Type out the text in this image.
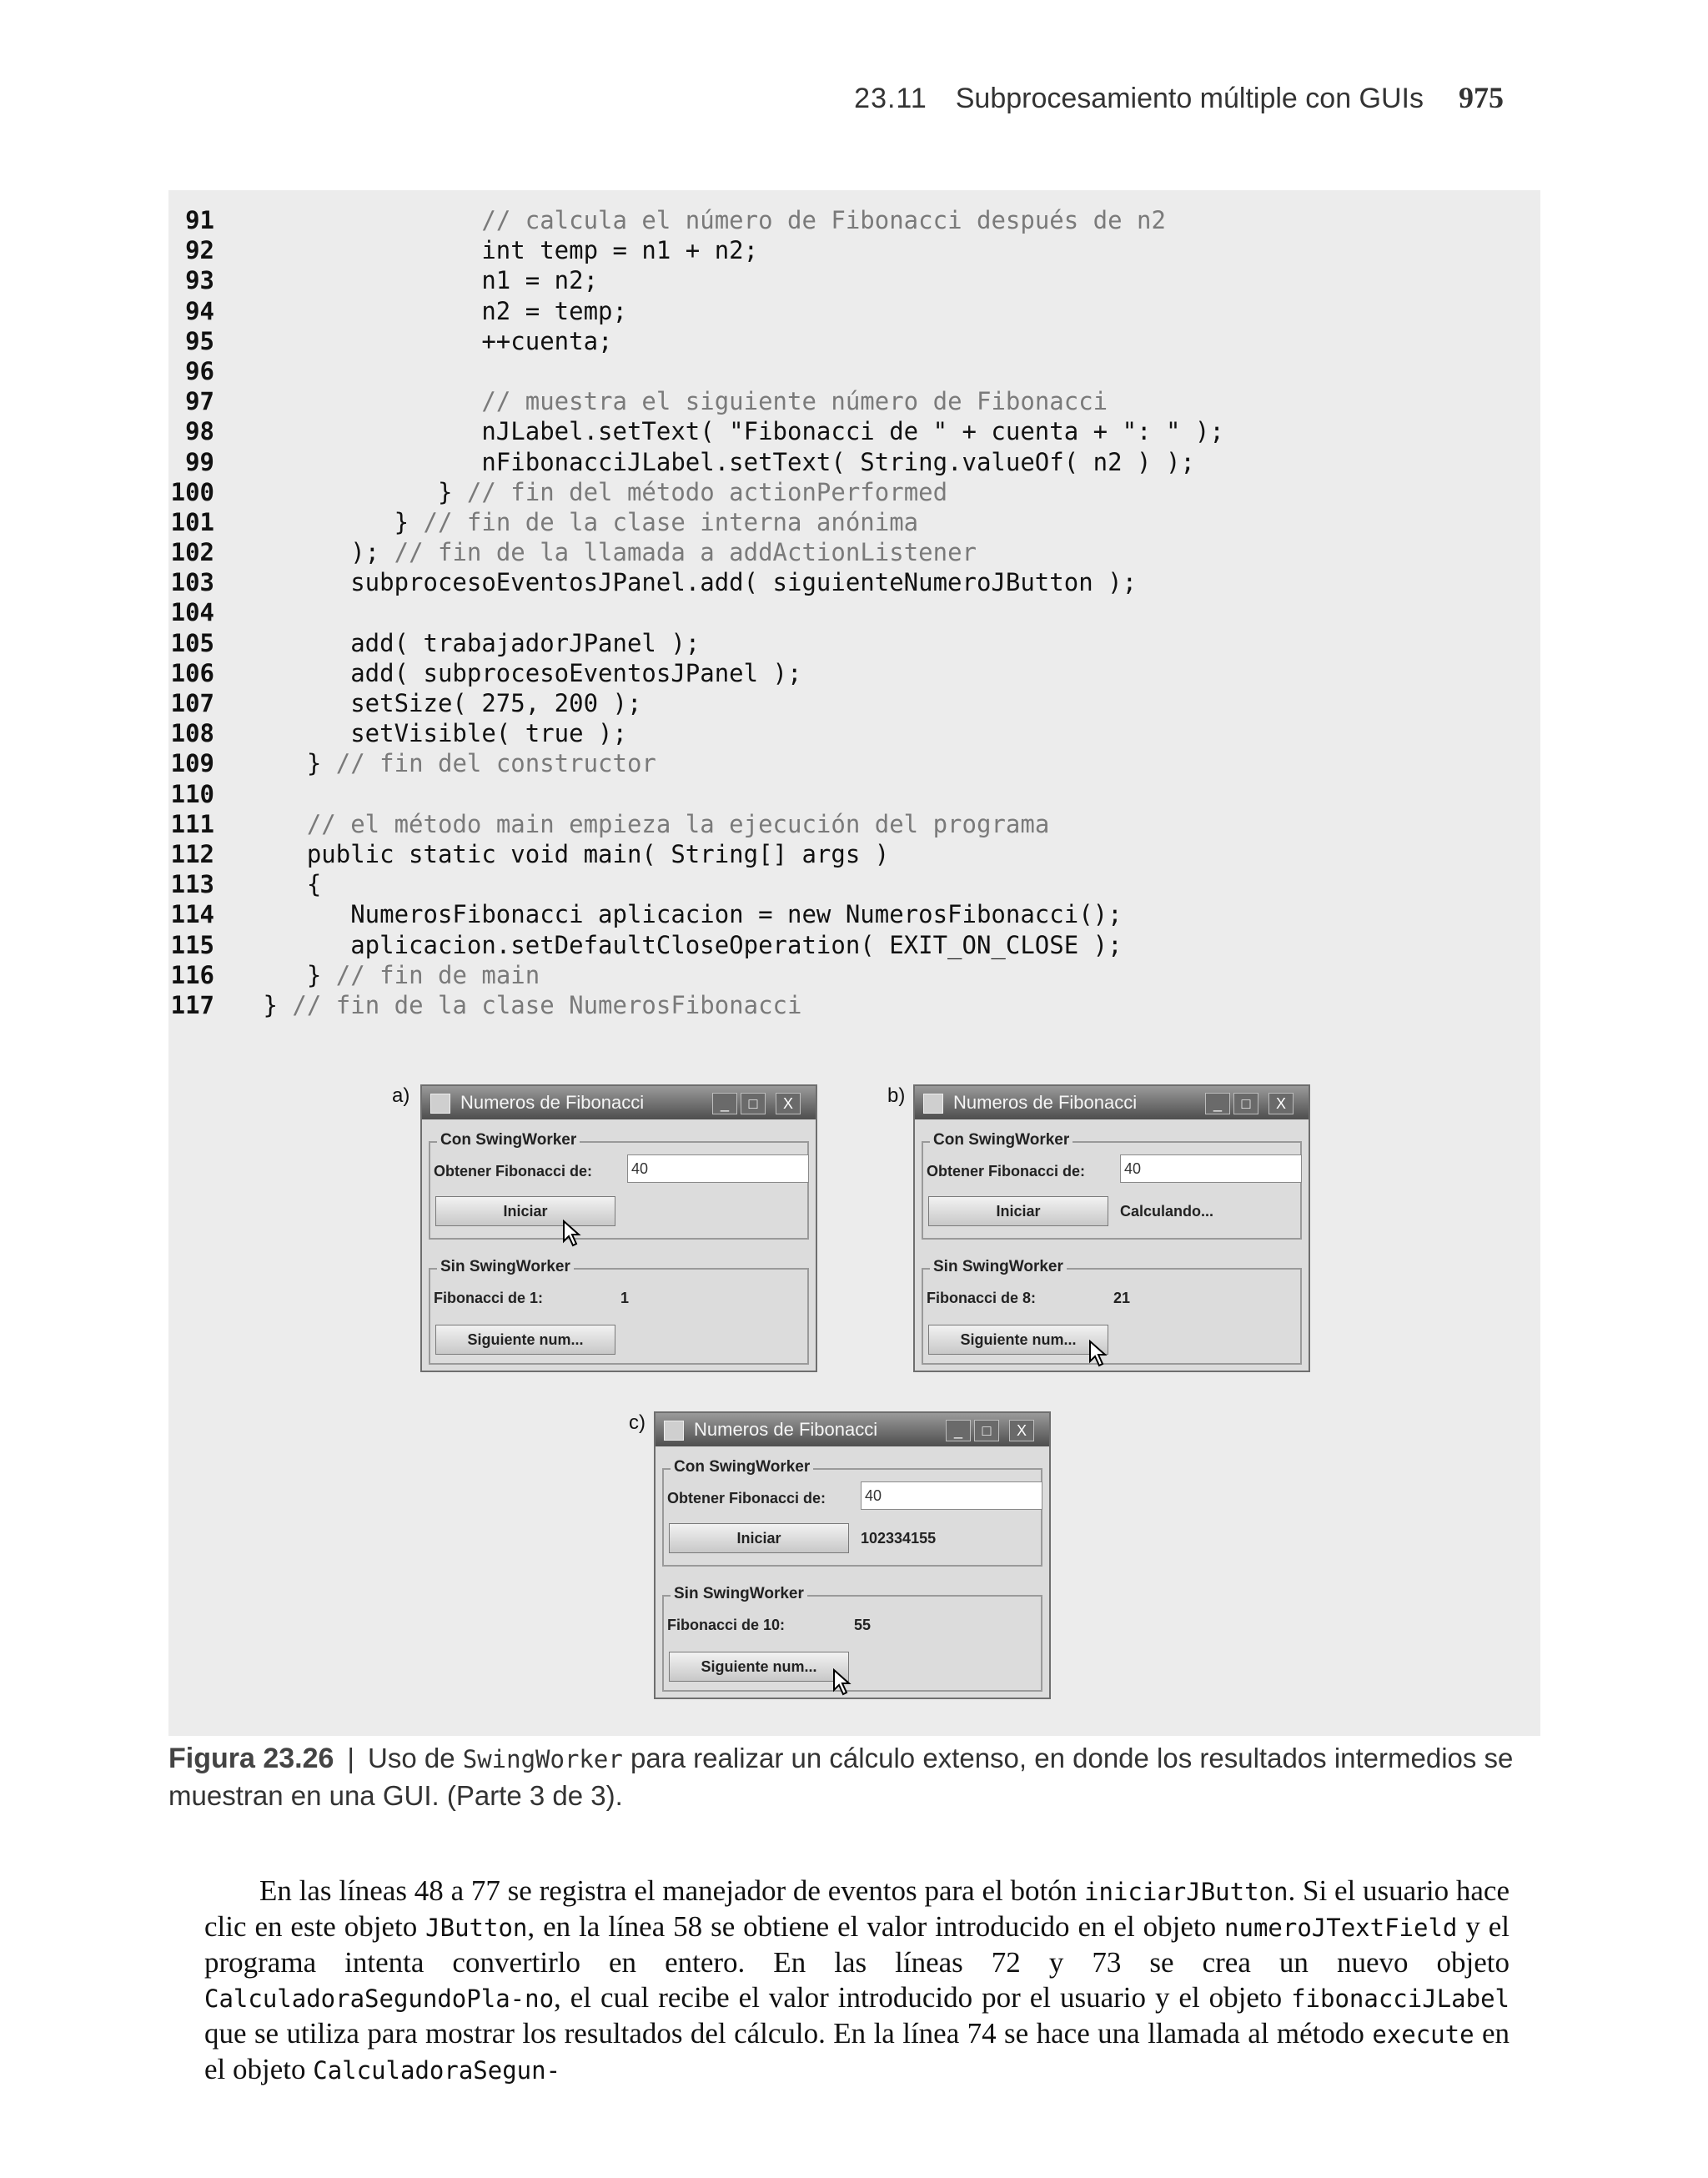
23.11 Subprocesamiento múltiple con GUIs 975
91	// calcula el número de Fibonacci después de n2
92 int temp = n1 + n2;
93 n1 = n2;
94 n2 = temp;
95 ++cuenta;
96
97	// muestra el siguiente número de Fibonacci
98 nJLabel.setText( "Fibonacci de " + cuenta + ": " );
99 nFibonacciJLabel.setText( String.valueOf( n2 ) );
100 } // fin del método actionPerformed
101 } // fin de la clase interna anónima
102 ); // fin de la llamada a addActionListener
103 subprocesoEventosJPanel.add( siguienteNumeroJButton );
104
105 add( trabajadorJPanel );
106 add( subprocesoEventosJPanel );
107 setSize( 275, 200 );
108 setVisible( true );
109 } // fin del constructor
110
111	// el método main empieza la ejecución del programa
112 public static void main( String[] args )
113 {
114 NumerosFibonacci aplicacion = new NumerosFibonacci();
115 aplicacion.setDefaultCloseOperation( EXIT_ON_CLOSE );
116 } // fin de main
117 } // fin de la clase NumerosFibonacci
a)	Numeros de Fibonacci	_	□	X
Con SwingWorker
Obtener Fibonacci de:	40
Iniciar
Sin SwingWorker
Fibonacci de 1:	1
Siguiente num...
b)	Numeros de Fibonacci	_	□	X
Con SwingWorker
Obtener Fibonacci de:	40
Iniciar	Calculando...
Sin SwingWorker
Fibonacci de 8:	21
Siguiente num...
c)	Numeros de Fibonacci	_	□	X
Con SwingWorker
Obtener Fibonacci de:	40
Iniciar	102334155
Sin SwingWorker
Fibonacci de 10:	55
Siguiente num...
Figura 23.26 | Uso de SwingWorker para realizar un cálculo extenso, en donde los resultados intermedios se muestran en una GUI. (Parte 3 de 3).

En las líneas 48 a 77 se registra el manejador de eventos para el botón iniciarJButton. Si el usuario hace clic en este objeto JButton, en la línea 58 se obtiene el valor introducido en el objeto numeroJTextField y el programa intenta convertirlo en entero. En las líneas 72 y 73 se crea un nuevo objeto CalculadoraSegundoPla-no, el cual recibe el valor introducido por el usuario y el objeto fibonacciJLabel que se utiliza para mostrar los resultados del cálculo. En la línea 74 se hace una llamada al método execute en el objeto CalculadoraSegun-
